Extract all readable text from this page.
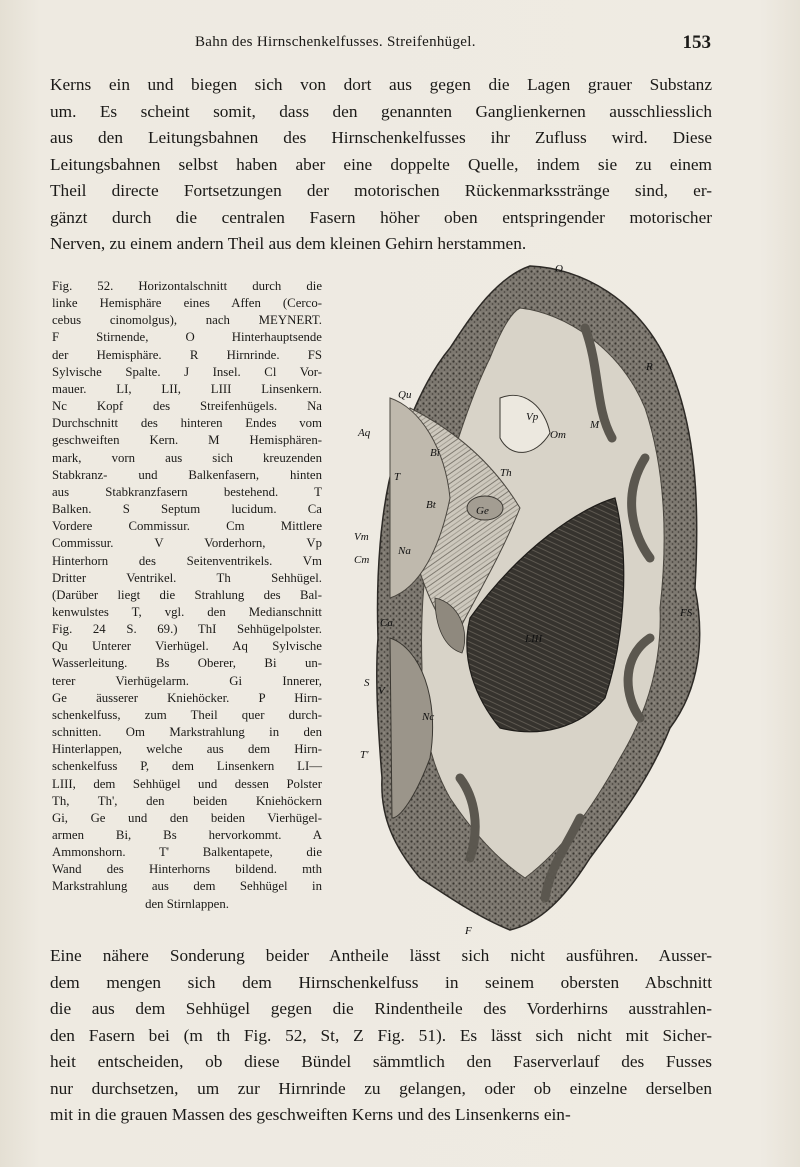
Bahn des Hirnschenkelfusses. Streifenhügel.	153

Kerns ein und biegen sich von dort aus gegen die Lagen grauer Substanz
um. Es scheint somit, dass den genannten Ganglienkernen ausschliesslich
aus den Leitungsbahnen des Hirnschenkelfusses ihr Zufluss wird. Diese
Leitungsbahnen selbst haben aber eine doppelte Quelle, indem sie zu einem
Theil directe Fortsetzungen der motorischen Rückenmarksstränge sind, er-
gänzt durch die centralen Fasern höher oben entspringender motorischer
Nerven, zu einem andern Theil aus dem kleinen Gehirn herstammen.

Fig. 52. Horizontalschnitt durch die
linke Hemisphäre eines Affen (Cerco-
cebus cinomolgus), nach MEYNERT.
F Stirnende, O Hinterhauptsende
der Hemisphäre. R Hirnrinde. FS
Sylvische Spalte. J Insel. Cl Vor-
mauer. LI, LII, LIII Linsenkern.
Nc Kopf des Streifenhügels. Na
Durchschnitt des hinteren Endes vom
geschweiften Kern. M Hemisphären-
mark, vorn aus sich kreuzenden
Stabkranz- und Balkenfasern, hinten
aus Stabkranzfasern bestehend. T
Balken. S Septum lucidum. Ca
Vordere Commissur. Cm Mittlere
Commissur. V Vorderhorn, Vp
Hinterhorn des Seitenventrikels. Vm
Dritter Ventrikel. Th Sehhügel.
(Darüber liegt die Strahlung des Bal-
kenwulstes T, vgl. den Medianschnitt
Fig. 24 S. 69.) ThI Sehhügelpolster.
Qu Unterer Vierhügel. Aq Sylvische
Wasserleitung. Bs Oberer, Bi un-
terer Vierhügelarm. Gi Innerer,
Ge äusserer Kniehöcker. P Hirn-
schenkelfuss, zum Theil quer durch-
schnitten. Om Markstrahlung in den
Hinterlappen, welche aus dem Hirn-
schenkelfuss P, dem Linsenkern LI—
LIII, dem Sehhügel und dessen Polster
Th, Th', den beiden Kniehöckern
Gi, Ge und den beiden Vierhügel-
armen Bi, Bs hervorkommt. A
Ammonshorn. T' Balkentapete, die
Wand des Hinterhorns bildend. mth
Markstrahlung aus dem Sehhügel in
den Stirnlappen.
O
Qu
Aq
Vp
Om
M
R
T
Bi
Bt	Ge
Th
Vm
Cm
Na
FS
Ca
S
V
T'
Nc
LIII
F

Eine nähere Sonderung beider Antheile lässt sich nicht ausführen. Ausser-
dem mengen sich dem Hirnschenkelfuss in seinem obersten Abschnitt
die aus dem Sehhügel gegen die Rindentheile des Vorderhirns ausstrahlen-
den Fasern bei (m th Fig. 52, St, Z Fig. 51). Es lässt sich nicht mit Sicher-
heit entscheiden, ob diese Bündel sämmtlich den Faserverlauf des Fusses
nur durchsetzen, um zur Hirnrinde zu gelangen, oder ob einzelne derselben
mit in die grauen Massen des geschweiften Kerns und des Linsenkerns ein-
